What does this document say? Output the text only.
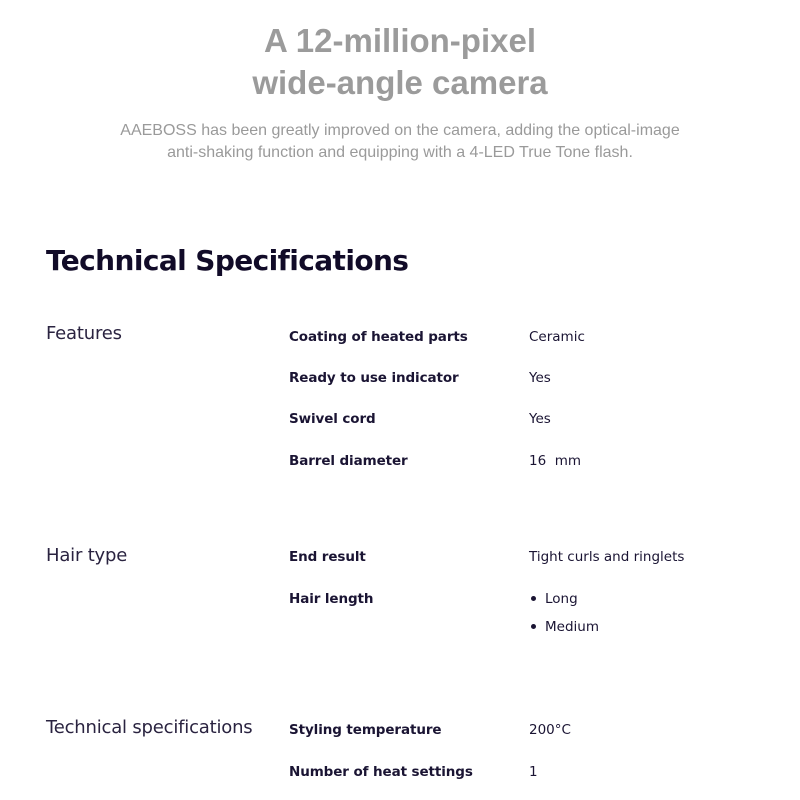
A 12-million-pixel
wide-angle camera

AAEBOSS has been greatly improved on the camera, adding the optical-image
anti-shaking function and equipping with a 4-LED True Tone flash.

Technical Specifications
Features	Coating of heated parts	Ceramic
Ready to use indicator	Yes
Swivel cord	Yes
Barrel diameter	16  mm
Hair type	End result	Tight curls and ringlets
Hair length	Long
Medium
Technical specifications	Styling temperature	200°C
Number of heat settings	1
